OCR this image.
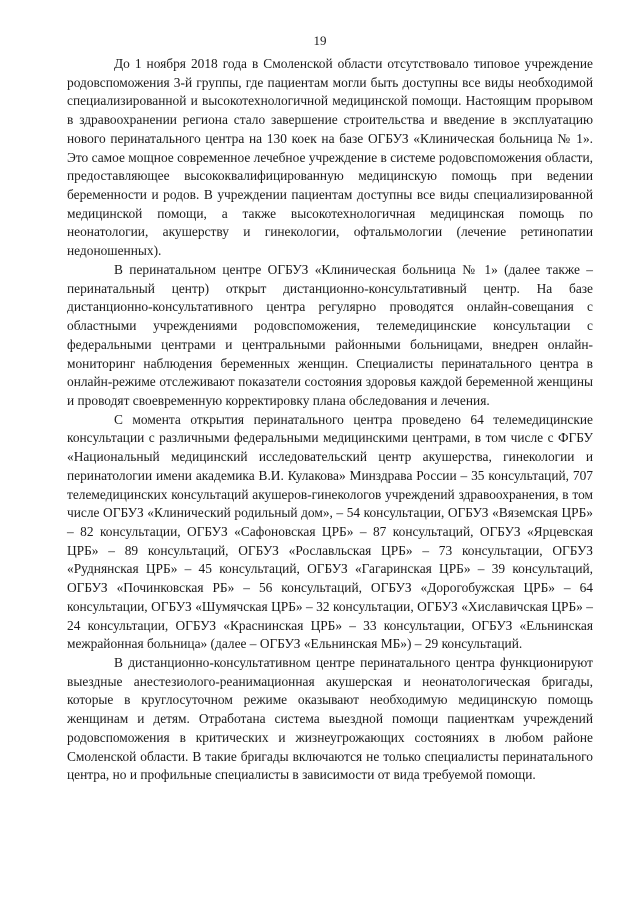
19

До 1 ноября 2018 года в Смоленской области отсутствовало типовое учреждение родовспоможения 3-й группы, где пациентам могли быть доступны все виды необходимой специализированной и высокотехнологичной медицинской помощи. Настоящим прорывом в здравоохранении региона стало завершение строительства и введение в эксплуатацию нового перинатального центра на 130 коек на базе ОГБУЗ «Клиническая больница № 1». Это самое мощное современное лечебное учреждение в системе родовспоможения области, предоставляющее высококвалифицированную медицинскую помощь при ведении беременности и родов. В учреждении пациентам доступны все виды специализированной медицинской помощи, а также высокотехнологичная медицинская помощь по неонатологии, акушерству и гинекологии, офтальмологии (лечение ретинопатии недоношенных).

В перинатальном центре ОГБУЗ «Клиническая больница № 1» (далее также – перинатальный центр) открыт дистанционно-консультативный центр. На базе дистанционно-консультативного центра регулярно проводятся онлайн-совещания с областными учреждениями родовспоможения, телемедицинские консультации с федеральными центрами и центральными районными больницами, внедрен онлайн-мониторинг наблюдения беременных женщин. Специалисты перинатального центра в онлайн-режиме отслеживают показатели состояния здоровья каждой беременной женщины и проводят своевременную корректировку плана обследования и лечения.

С момента открытия перинатального центра проведено 64 телемедицинские консультации с различными федеральными медицинскими центрами, в том числе с ФГБУ «Национальный медицинский исследовательский центр акушерства, гинекологии и перинатологии имени академика В.И. Кулакова» Минздрава России – 35 консультаций, 707 телемедицинских консультаций акушеров-гинекологов учреждений здравоохранения, в том числе ОГБУЗ «Клинический родильный дом», – 54 консультации, ОГБУЗ «Вяземская ЦРБ» – 82 консультации, ОГБУЗ «Сафоновская ЦРБ» – 87 консультаций, ОГБУЗ «Ярцевская ЦРБ» – 89 консультаций, ОГБУЗ «Рославльская ЦРБ» – 73 консультации, ОГБУЗ «Руднянская ЦРБ» – 45 консультаций, ОГБУЗ «Гагаринская ЦРБ» – 39 консультаций, ОГБУЗ «Починковская РБ» – 56 консультаций, ОГБУЗ «Дорогобужская ЦРБ» – 64 консультации, ОГБУЗ «Шумячская ЦРБ» – 32 консультации, ОГБУЗ «Хиславичская ЦРБ» – 24 консультации, ОГБУЗ «Краснинская ЦРБ» – 33 консультации, ОГБУЗ «Ельнинская межрайонная больница» (далее – ОГБУЗ «Ельнинская МБ») – 29 консультаций.

В дистанционно-консультативном центре перинатального центра функционируют выездные анестезиолого-реанимационная акушерская и неонатологическая бригады, которые в круглосуточном режиме оказывают необходимую медицинскую помощь женщинам и детям. Отработана система выездной помощи пациенткам учреждений родовспоможения в критических и жизнеугрожающих состояниях в любом районе Смоленской области. В такие бригады включаются не только специалисты перинатального центра, но и профильные специалисты в зависимости от вида требуемой помощи.
